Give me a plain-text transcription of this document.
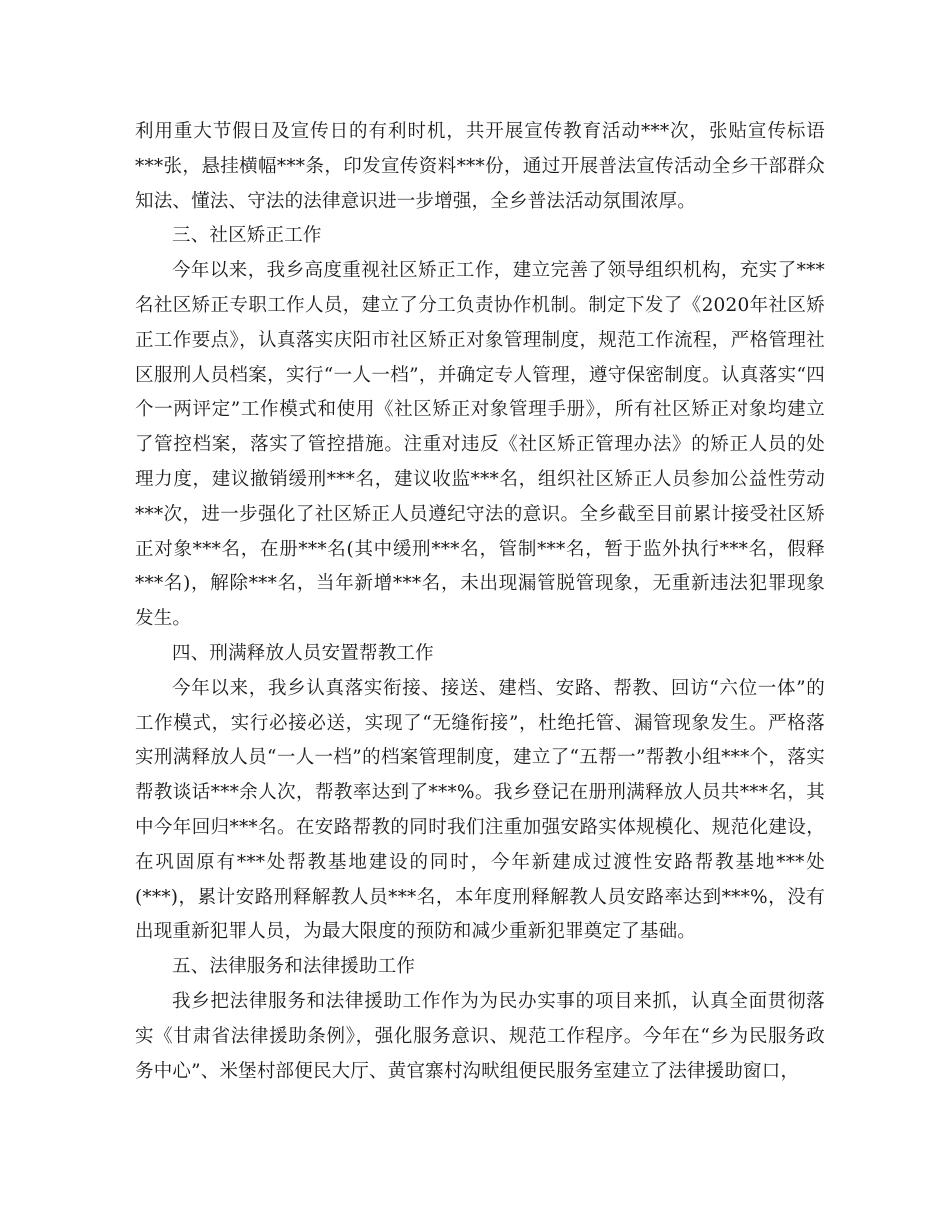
利用重大节假日及宣传日的有利时机，共开展宣传教育活动***次，张贴宣传标语***张，悬挂横幅***条，印发宣传资料***份，通过开展普法宣传活动全乡干部群众知法、懂法、守法的法律意识进一步增强，全乡普法活动氛围浓厚。

三、社区矫正工作

今年以来，我乡高度重视社区矫正工作，建立完善了领导组织机构，充实了***名社区矫正专职工作人员，建立了分工负责协作机制。制定下发了《2020年社区矫正工作要点》，认真落实庆阳市社区矫正对象管理制度，规范工作流程，严格管理社区服刑人员档案，实行“一人一档”，并确定专人管理，遵守保密制度。认真落实“四个一两评定”工作模式和使用《社区矫正对象管理手册》，所有社区矫正对象均建立了管控档案，落实了管控措施。注重对违反《社区矫正管理办法》的矫正人员的处理力度，建议撤销缓刑***名，建议收监***名，组织社区矫正人员参加公益性劳动***次，进一步强化了社区矫正人员遵纪守法的意识。全乡截至目前累计接受社区矫正对象***名，在册***名(其中缓刑***名，管制***名，暂于监外执行***名，假释***名)，解除***名，当年新增***名，未出现漏管脱管现象，无重新违法犯罪现象发生。

四、刑满释放人员安置帮教工作

今年以来，我乡认真落实衔接、接送、建档、安路、帮教、回访“六位一体”的工作模式，实行必接必送，实现了“无缝衔接”，杜绝托管、漏管现象发生。严格落实刑满释放人员“一人一档”的档案管理制度，建立了“五帮一”帮教小组***个，落实帮教谈话***余人次，帮教率达到了***%。我乡登记在册刑满释放人员共***名，其中今年回归***名。在安路帮教的同时我们注重加强安路实体规模化、规范化建设，在巩固原有***处帮教基地建设的同时，今年新建成过渡性安路帮教基地***处(***)，累计安路刑释解教人员***名，本年度刑释解教人员安路率达到***%，没有出现重新犯罪人员，为最大限度的预防和减少重新犯罪奠定了基础。

五、法律服务和法律援助工作

我乡把法律服务和法律援助工作作为为民办实事的项目来抓，认真全面贯彻落实《甘肃省法律援助条例》，强化服务意识、规范工作程序。今年在“乡为民服务政务中心”、米堡村部便民大厅、黄官寨村沟畎组便民服务室建立了法律援助窗口，
